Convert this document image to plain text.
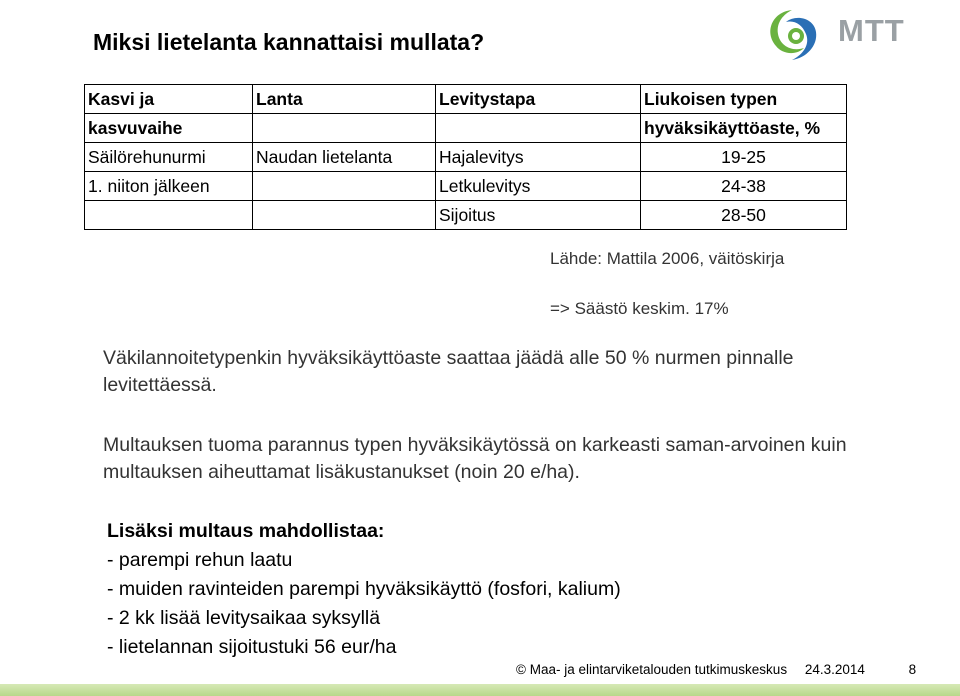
Miksi lietelanta kannattaisi mullata?	MTT
Kasvi ja	Lanta	Levitystapa	Liukoisen typen
kasvuvaihe			hyväksikäyttöaste, %
Säilörehunurmi	Naudan lietelanta	Hajalevitys	19-25
1. niiton jälkeen		Letkulevitys	24-38
		Sijoitus	28-50
Lähde: Mattila 2006, väitöskirja
=> Säästö keskim. 17%
Väkilannoitetypenkin hyväksikäyttöaste saattaa jäädä alle 50 % nurmen pinnalle levitettäessä.
Multauksen tuoma parannus typen hyväksikäytössä on karkeasti saman-arvoinen kuin multauksen aiheuttamat lisäkustanukset (noin 20 e/ha).
Lisäksi multaus mahdollistaa:
- parempi rehun laatu
- muiden ravinteiden parempi hyväksikäyttö (fosfori, kalium)
- 2 kk lisää levitysaikaa syksyllä
- lietelannan sijoitustuki 56 eur/ha
© Maa- ja elintarviketalouden tutkimuskeskus 24.3.2014	8
